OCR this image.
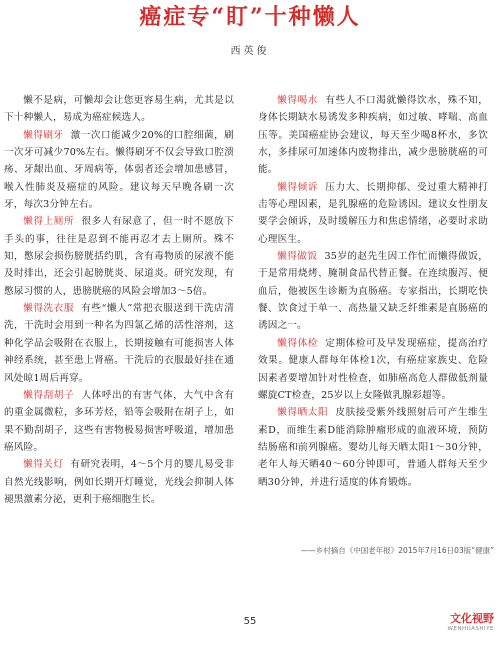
癌症专“盯”十种懒人
西英俊

懒不是病，可懒却会让您更容易生病，尤其是以下十种懒人，易成为癌症候选人。

懒得刷牙 激一次口能减少20%的口腔细菌，刷一次牙可减少70%左右。懒得刷牙不仅会导致口腔溃疡、牙龈出血、牙周病等，体弱者还会增加患感冒，喉入性肺炎及癌症的风险。建议每天早晚各刷一次牙，每次3分钟左右。

懒得上厕所 很多人有尿意了，但一时不愿放下手头的事，往往是忍到不能再忍才去上厕所。殊不知，憋尿会损伤膀胱括约肌，含有毒物质的尿液不能及时排出，还会引起膀胱炎、尿道炎。研究发现，有憋尿习惯的人，患膀胱癌的风险会增加3～5倍。

懒得洗衣服 有些“懒人”常把衣服送到干洗店清洗，干洗时会用到一种名为四氯乙烯的活性溶剂，这种化学品会吸附在衣服上，长期接触有可能损害人体神经系统，甚至患上肾癌。干洗后的衣服最好挂在通风处晾1周后再穿。

懒得刮胡子 人体呼出的有害气体，大气中含有的重金属微粒，多环芳烃，铅等会吸附在胡子上，如果不勤刮胡子，这些有害物极易损害呼吸道，增加患癌风险。

懒得关灯 有研究表明，4～5个月的婴儿易受非自然光线影响，例如长期开灯睡觉，光线会抑制人体褪黑激素分泌，更利于癌细胞生长。

懒得喝水 有些人不口渴就懒得饮水，殊不知，身体长期缺水易诱发多种疾病，如过敏、哮喘、高血压等。美国癌症协会建议，每天至少喝8杯水，多饮水，多排尿可加速体内废物排出，减少患膀胱癌的可能。

懒得倾诉 压力大、长期抑郁、受过重大精神打击等心理因素，是乳腺癌的危险诱因。建议女性朋友要学会倾诉，及时缓解压力和焦虑情绪，必要时求助心理医生。

懒得做饭 35岁的赵先生因工作忙而懒得做饭，于是常用烧烤、腌制食品代替正餐。在连续腹泻、便血后，他被医生诊断为直肠癌。专家指出，长期吃快餐、饮食过于单一、高热量又缺乏纤维素是直肠癌的诱因之一。

懒得体检 定期体检可及早发现癌症，提高治疗效果。健康人群每年体检1次，有癌症家族史、危险因素者要增加针对性检查，如肺癌高危人群做低剂量螺旋CT检查，25岁以上女隆做乳腺彩超等。

懒得晒太阳 皮肤接受紫外线照射后可产生维生素D，而维生素D能消除肿瘤形成的血液环境，预防结肠癌和前列腺癌。婴幼儿每天晒太阳1～30分钟，老年人每天晒40～60分钟即可，普通人群每天至少晒30分钟，并进行适度的体育锻炼。

——乡村摘自《中国老年报》2015年7月16日03版“健康”
55	文化视野
WENHUASHIYE
